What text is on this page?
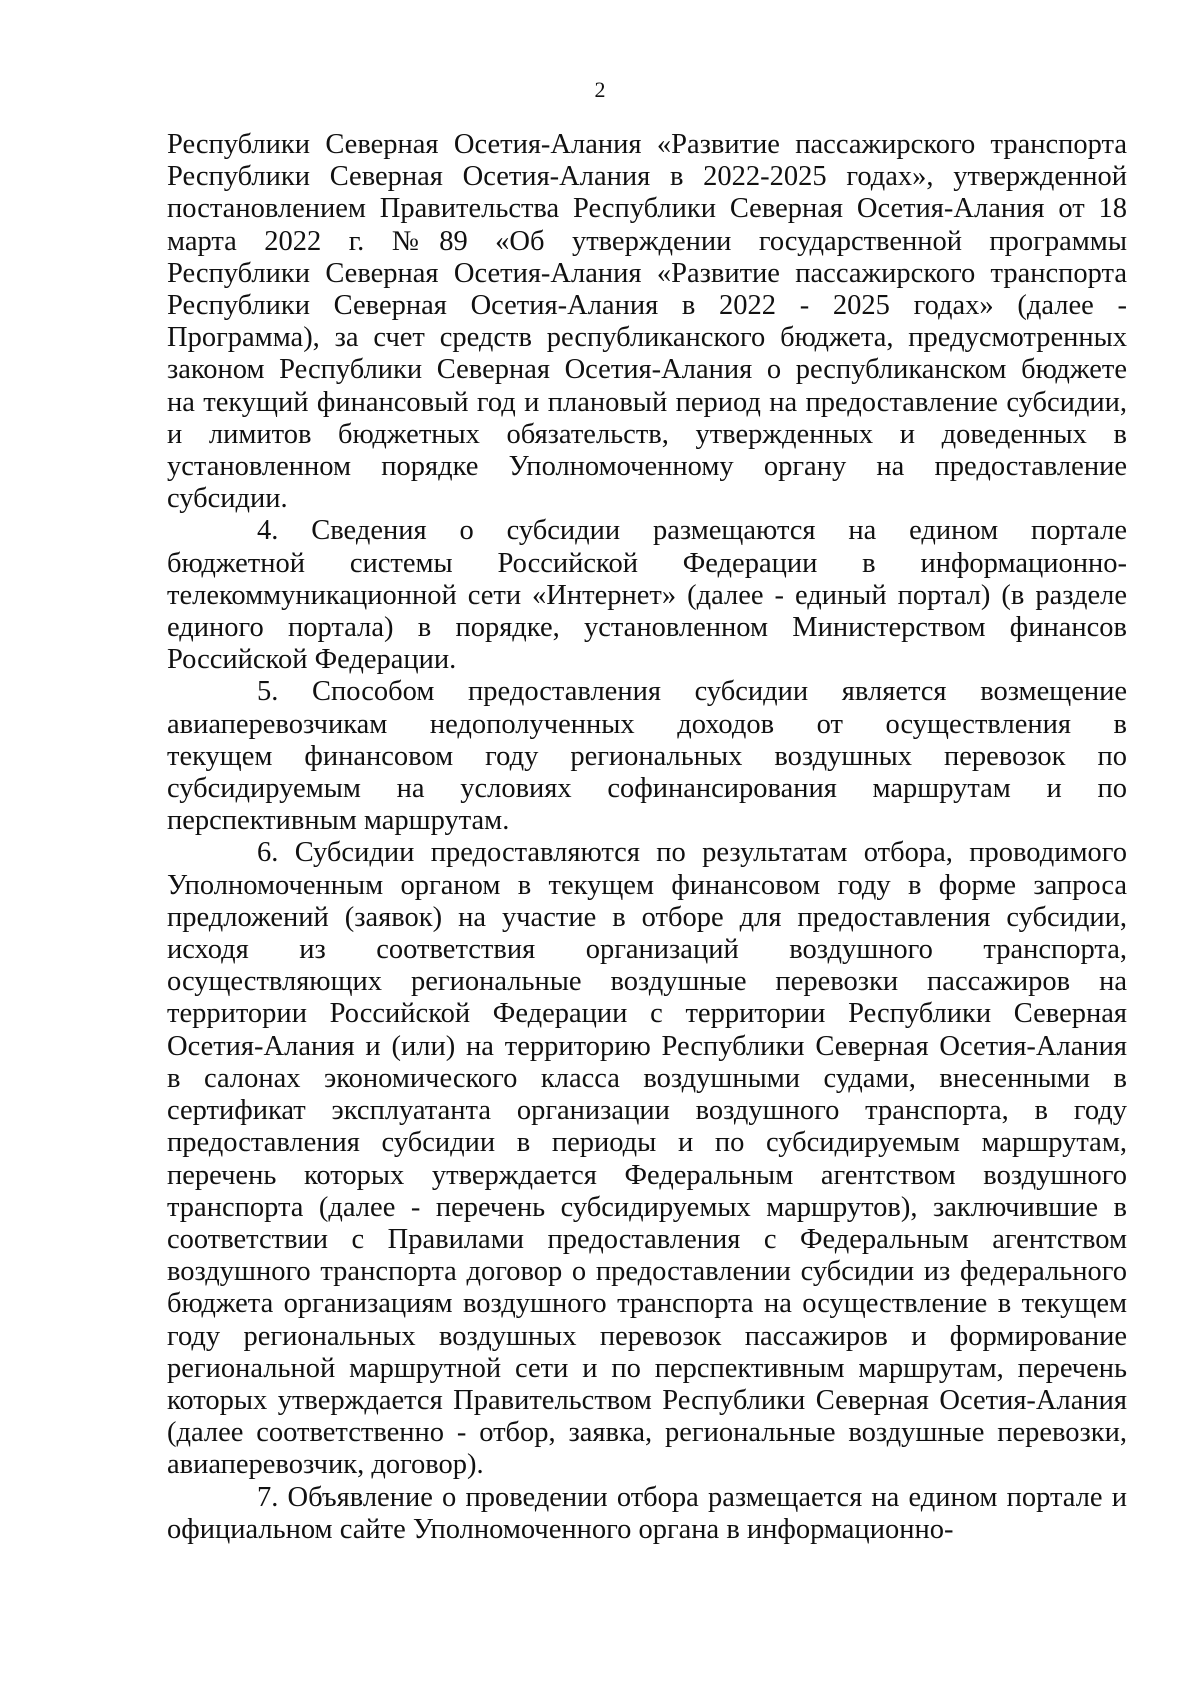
2
Республики Северная Осетия-Алания «Развитие пассажирского транспорта
Республики Северная Осетия-Алания в 2022-2025 годах», утвержденной
постановлением Правительства Республики Северная Осетия-Алания от 18
марта 2022 г. №89 «Об утверждении государственной программы
Республики Северная Осетия-Алания «Развитие пассажирского транспорта
Республики Северная Осетия-Алания в 2022 - 2025 годах» (далее -
Программа), за счет средств республиканского бюджета, предусмотренных
законом Республики Северная Осетия-Алания о республиканском бюджете
на текущий финансовый год и плановый период на предоставление субсидии,
и лимитов бюджетных обязательств, утвержденных и доведенных в
установленном порядке Уполномоченному органу на предоставление
субсидии.
4. Сведения о субсидии размещаются на едином портале
бюджетной системы Российской Федерации в информационно-
телекоммуникационной сети «Интернет» (далее - единый портал) (в разделе
единого портала) в порядке, установленном Министерством финансов
Российской Федерации.
5. Способом предоставления субсидии является возмещение
авиаперевозчикам недополученных доходов от осуществления в
текущем финансовом году региональных воздушных перевозок по
субсидируемым на условиях софинансирования маршрутам и по
перспективным маршрутам.
6. Субсидии предоставляются по результатам отбора, проводимого
Уполномоченным органом в текущем финансовом году в форме запроса
предложений (заявок) на участие в отборе для предоставления субсидии,
исходя из соответствия организаций воздушного транспорта,
осуществляющих региональные воздушные перевозки пассажиров на
территории Российской Федерации с территории Республики Северная
Осетия-Алания и (или) на территорию Республики Северная Осетия-Алания
в салонах экономического класса воздушными судами, внесенными в
сертификат эксплуатанта организации воздушного транспорта, в году
предоставления субсидии в периоды и по субсидируемым маршрутам,
перечень которых утверждается Федеральным агентством воздушного
транспорта (далее - перечень субсидируемых маршрутов), заключившие в
соответствии с Правилами предоставления с Федеральным агентством
воздушного транспорта договор о предоставлении субсидии из федерального
бюджета организациям воздушного транспорта на осуществление в текущем
году региональных воздушных перевозок пассажиров и формирование
региональной маршрутной сети и по перспективным маршрутам, перечень
которых утверждается Правительством Республики Северная Осетия-Алания
(далее соответственно - отбор, заявка, региональные воздушные перевозки,
авиаперевозчик, договор).
7. Объявление о проведении отбора размещается на едином портале и
официальном сайте Уполномоченного органа в информационно-
